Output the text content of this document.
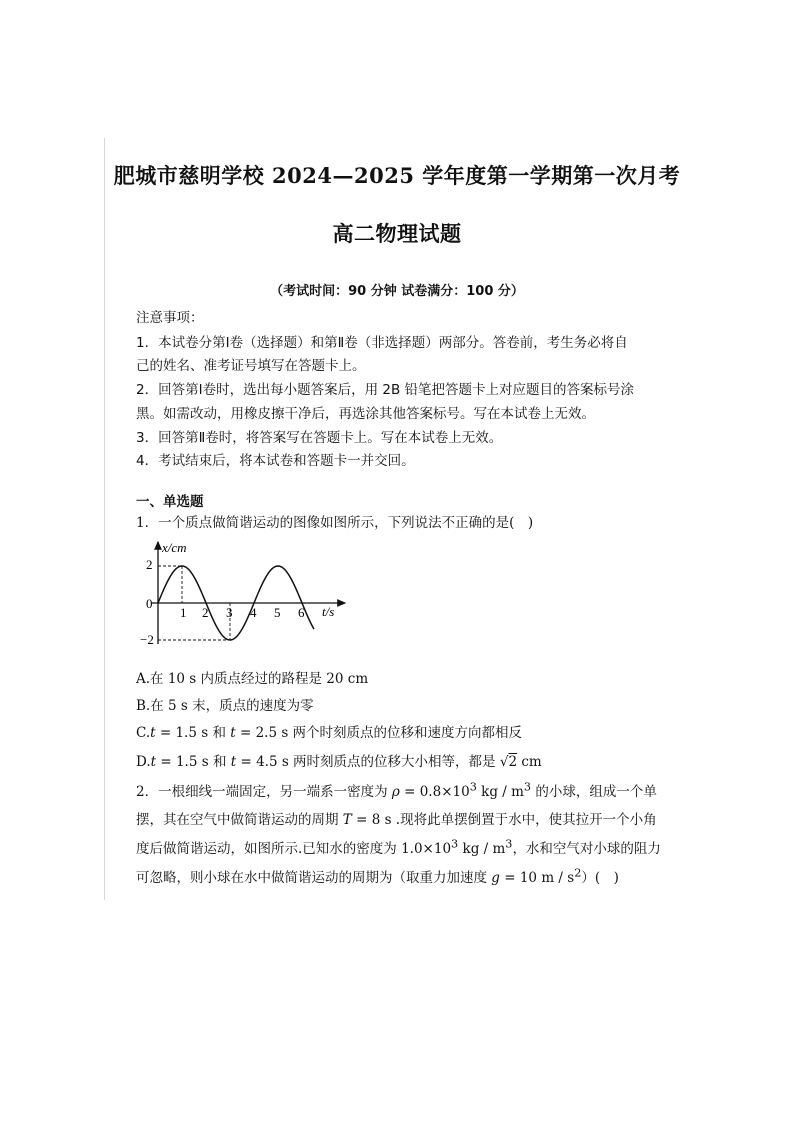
肥城市慈明学校 2024—2025 学年度第一学期第一次月考
高二物理试题
（考试时间：90 分钟 试卷满分：100 分）
注意事项：
1．本试卷分第Ⅰ卷（选择题）和第Ⅱ卷（非选择题）两部分。答卷前，考生务必将自
己的姓名、准考证号填写在答题卡上。
2．回答第Ⅰ卷时，选出每小题答案后，用 2B 铅笔把答题卡上对应题目的答案标号涂
黑。如需改动，用橡皮擦干净后，再选涂其他答案标号。写在本试卷上无效。
3．回答第Ⅱ卷时，将答案写在答题卡上。写在本试卷上无效。
4．考试结束后，将本试卷和答题卡一并交回。
一、单选题
1．一个质点做简谐运动的图像如图所示，下列说法不正确的是(　)
x/cm
t/s
2
0
−2
1 2 3 4 5 6
A.在 10 s 内质点经过的路程是 20 cm
B.在 5 s 末，质点的速度为零
C.t = 1.5 s 和 t = 2.5 s 两个时刻质点的位移和速度方向都相反
D.t = 1.5 s 和 t = 4.5 s 两时刻质点的位移大小相等，都是 √2 cm
2．一根细线一端固定，另一端系一密度为 $\rho = 0.8\times 10^3$ kg / $m^3$ 的小球，组成一个单
摆，其在空气中做简谐运动的周期 T = 8 s .现将此单摆倒置于水中，使其拉开一个小角
度后做简谐运动，如图所示.已知水的密度为 $1.0\times 10^3$ kg / $m^3$，水和空气对小球的阻力
可忽略，则小球在水中做简谐运动的周期为（取重力加速度 g = 10 m / $s^2$）(　)
